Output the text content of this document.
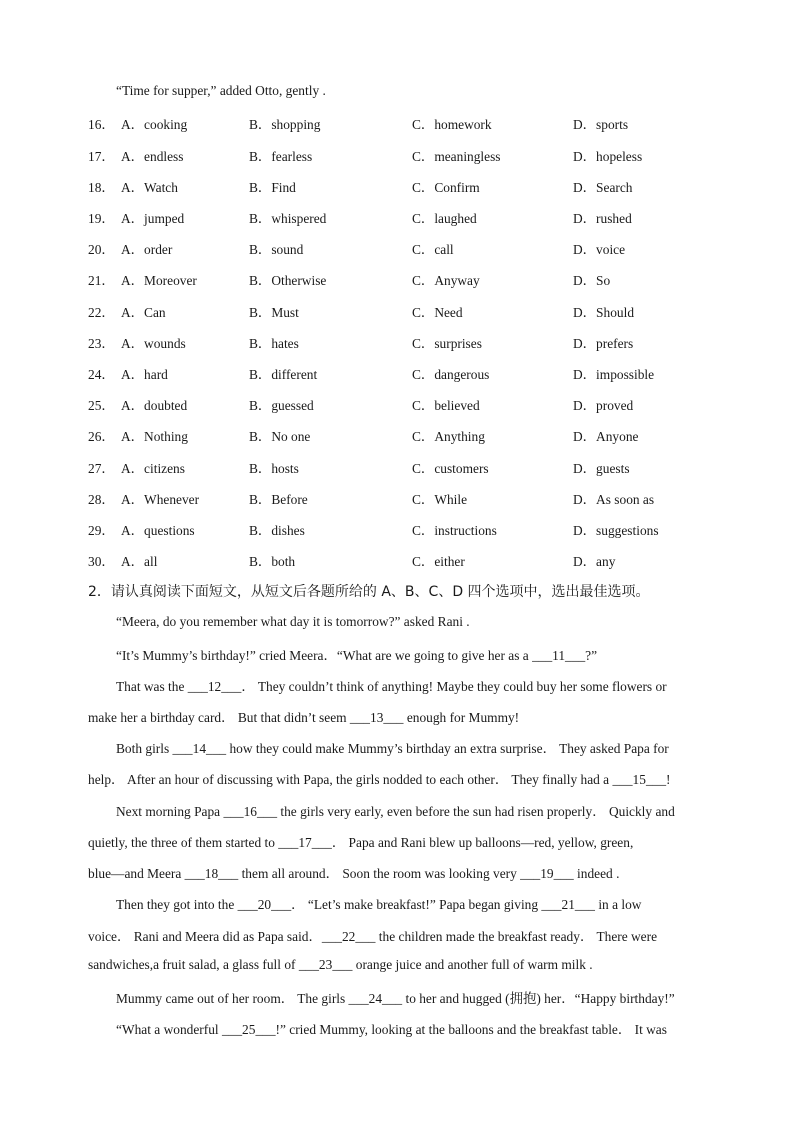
“Time for supper,” added Otto, gently .
16． A．cooking	B．shopping	C．homework	D．sports
17． A．endless	B．fearless	C．meaningless	D．hopeless
18． A．Watch	B．Find	C．Confirm	D．Search
19． A．jumped	B．whispered	C．laughed	D．rushed
20． A．order	B．sound	C．call	D．voice
21． A．Moreover	B．Otherwise	C．Anyway	D．So
22． A．Can	B．Must	C．Need	D．Should
23． A．wounds	B．hates	C．surprises	D．prefers
24． A．hard	B．different	C．dangerous	D．impossible
25． A．doubted	B．guessed	C．believed	D．proved
26． A．Nothing	B．No one	C．Anything	D．Anyone
27． A．citizens	B．hosts	C．customers	D．guests
28． A．Whenever	B．Before	C．While	D．As soon as
29． A．questions	B．dishes	C．instructions	D．suggestions
30． A．all	B．both	C．either	D．any
2．请认真阅读下面短文，从短文后各题所给的 A、B、C、D 四个选项中，选出最佳选项。
“Meera, do you remember what day it is tomorrow?” asked Rani .
“It’s Mummy’s birthday!” cried Meera．“What are we going to give her as a ___11___?”
That was the ___12___． They couldn’t think of anything! Maybe they could buy her some flowers or
make her a birthday card． But that didn’t seem ___13___ enough for Mummy!
Both girls ___14___ how they could make Mummy’s birthday an extra surprise． They asked Papa for
help． After an hour of discussing with Papa, the girls nodded to each other． They finally had a ___15___!
Next morning Papa ___16___ the girls very early, even before the sun had risen properly． Quickly and
quietly, the three of them started to ___17___． Papa and Rani blew up balloons—red, yellow, green,
blue—and Meera ___18___ them all around． Soon the room was looking very ___19___ indeed .
Then they got into the ___20___． “Let’s make breakfast!” Papa began giving ___21___ in a low
voice． Rani and Meera did as Papa said．___22___ the children made the breakfast ready． There were
sandwiches,a fruit salad, a glass full of ___23___ orange juice and another full of warm milk .
Mummy came out of her room． The girls ___24___ to her and hugged (拥抱) her．“Happy birthday!”
“What a wonderful ___25___!” cried Mummy, looking at the balloons and the breakfast table． It was
